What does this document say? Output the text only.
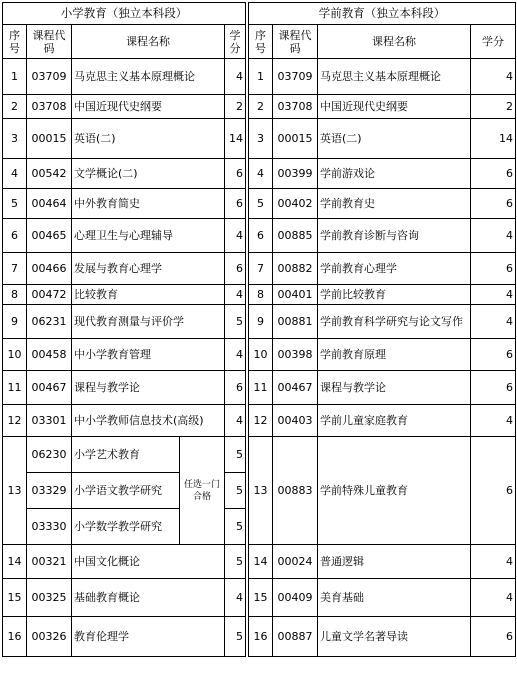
小学教育（独立本科段）						学前教育（独立本科段）			
序号	课程代码	课程名称		学分		序号	课程代码	课程名称	学分
1	03709	马克思主义基本原理概论		4		1	03709	马克思主义基本原理概论	4
2	03708	中国近现代史纲要		2		2	03708	中国近现代史纲要	2
3	00015	英语(二)		14		3	00015	英语(二)	14
4	00542	文学概论(二)		6		4	00399	学前游戏论	6
5	00464	中外教育简史		6		5	00402	学前教育史	6
6	00465	心理卫生与心理辅导		4		6	00885	学前教育诊断与咨询	4
7	00466	发展与教育心理学		6		7	00882	学前教育心理学	6
8	00472	比较教育		4		8	00401	学前比较教育	4
9	06231	现代教育测量与评价学		5		9	00881	学前教育科学研究与论文写作	4
10	00458	中小学教育管理		4		10	00398	学前教育原理	6
11	00467	课程与教学论		6		11	00467	课程与教学论	6
12	03301	中小学教师信息技术(高级)		4		12	00403	学前儿童家庭教育	4
13	06230	小学艺术教育	任选一门合格	5		13	00883	学前特殊儿童教育	6
	03329	小学语文教学研究		5					
	03330	小学数学教学研究		5					
14	00321	中国文化概论		5		14	00024	普通逻辑	4
15	00325	基础教育概论		4		15	00409	美育基础	4
16	00326	教育伦理学		5		16	00887	儿童文学名著导读	6
